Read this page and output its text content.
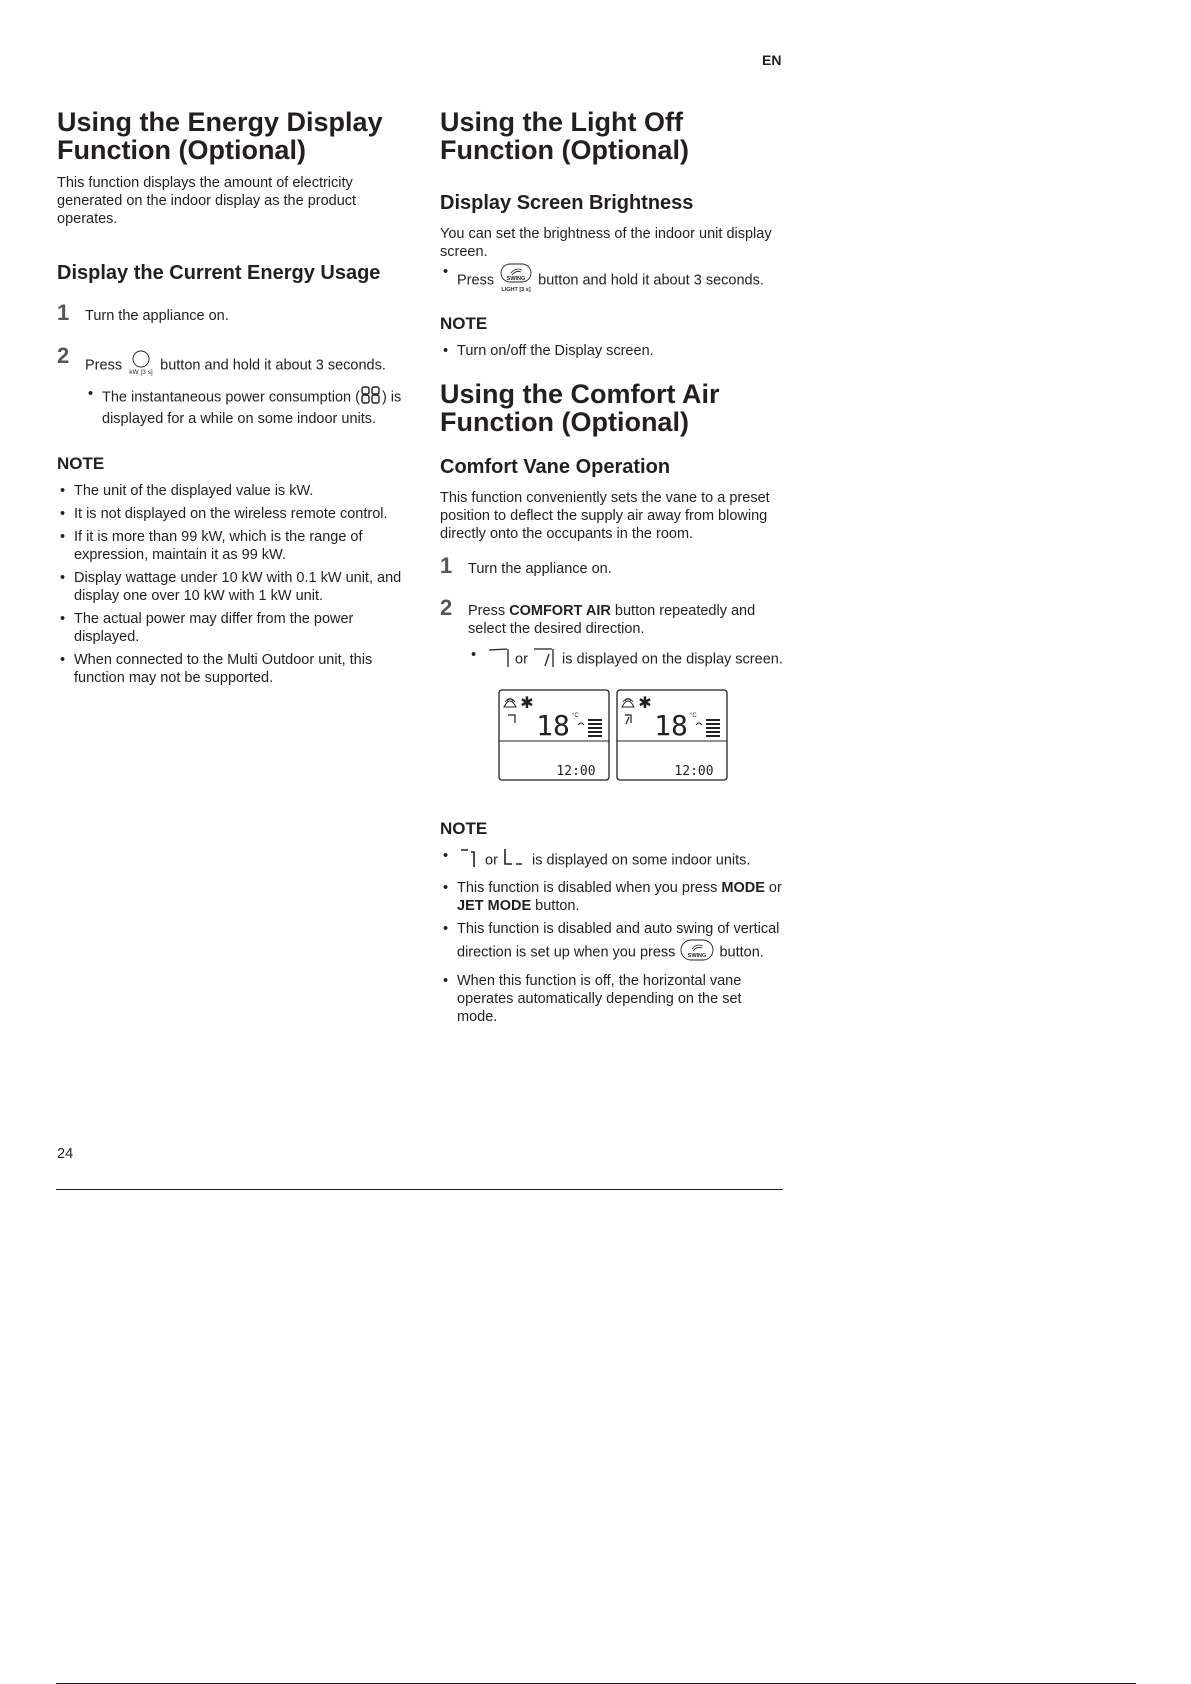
EN
Using the Energy Display Function (Optional)

This function displays the amount of electricity generated on the indoor display as the product operates.

Display the Current Energy Usage
1 Turn the appliance on.
2 Press kW [3 s] button and hold it about 3 seconds.
• The instantaneous power consumption ( ) is displayed for a while on some indoor units.
NOTE
• The unit of the displayed value is kW.
• It is not displayed on the wireless remote control.
• If it is more than 99 kW, which is the range of expression, maintain it as 99 kW.
• Display wattage under 10 kW with 0.1 kW unit, and display one over 10 kW with 1 kW unit.
• The actual power may differ from the power displayed.
• When connected to the Multi Outdoor unit, this function may not be supported.
Using the Light Off Function (Optional)
Display Screen Brightness

You can set the brightness of the indoor unit display screen.

• Press SWING
LIGHT [3 s]
button and hold it about 3 seconds.
NOTE
• Turn on/off the Display screen.
Using the Comfort Air Function (Optional)
Comfort Vane Operation

This function conveniently sets the vane to a preset position to deflect the supply air away from blowing directly onto the occupants in the room.

1 Turn the appliance on.
2 Press COMFORT AIR button repeatedly and select the desired direction.
• or is displayed on the display screen.
✱
18 °C
12:00
✱
18 °C
12:00
NOTE
• or is displayed on some indoor units.
• This function is disabled when you press MODE or JET MODE button.
• This function is disabled and auto swing of vertical direction is set up when you press SWING button.
• When this function is off, the horizontal vane operates automatically depending on the set mode.
24
